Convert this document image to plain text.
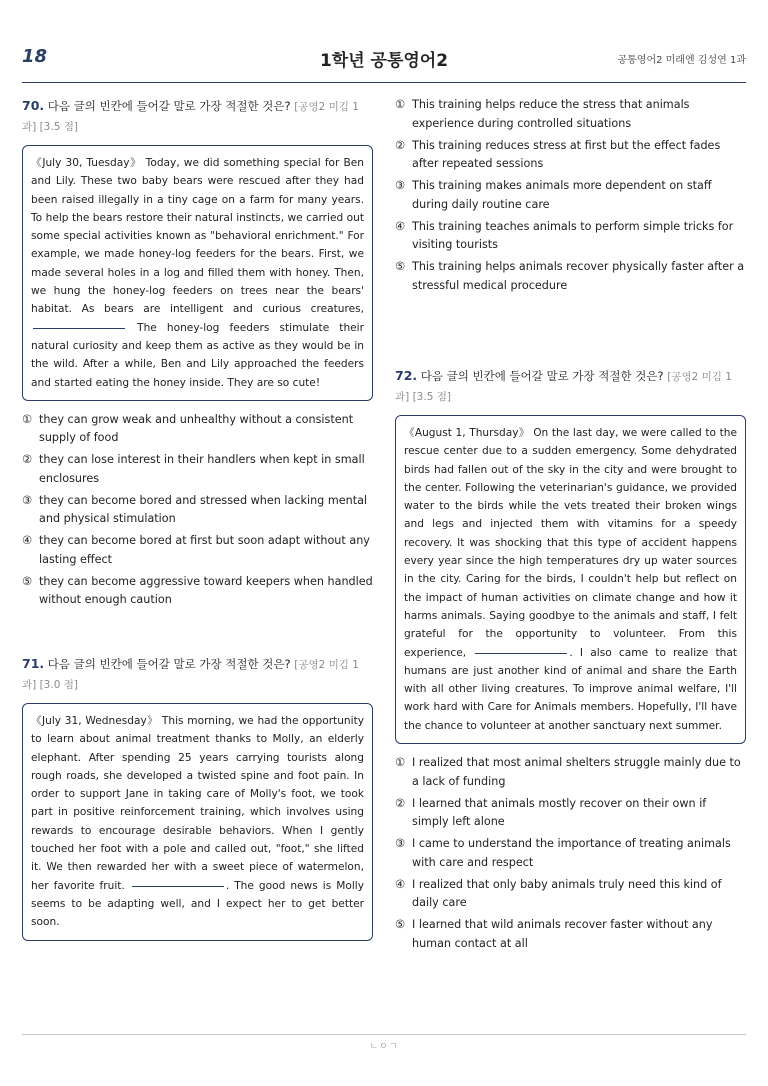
18	1학년 공통영어2	공통영어2 미래엔 김성연 1과

70. 다음 글의 빈칸에 들어갈 말로 가장 적절한 것은? [공영2 미김 1과] [3.5 점]

《July 30, Tuesday》 Today, we did something special for Ben and Lily. These two baby bears were rescued after they had been raised illegally in a tiny cage on a farm for many years. To help the bears restore their natural instincts, we carried out some special activities known as "behavioral enrichment." For example, we made honey-log feeders for the bears. First, we made several holes in a log and filled them with honey. Then, we hung the honey-log feeders on trees near the bears' habitat. As bears are intelligent and curious creatures,  The honey-log feeders stimulate their natural curiosity and keep them as active as they would be in the wild. After a while, Ben and Lily approached the feeders and started eating the honey inside. They are so cute!
① they can grow weak and unhealthy without a consistent supply of food
② they can lose interest in their handlers when kept in small enclosures
③ they can become bored and stressed when lacking mental and physical stimulation
④ they can become bored at first but soon adapt without any lasting effect
⑤ they can become aggressive toward keepers when handled without enough caution

71. 다음 글의 빈칸에 들어갈 말로 가장 적절한 것은? [공영2 미김 1과] [3.0 점]

《July 31, Wednesday》 This morning, we had the opportunity to learn about animal treatment thanks to Molly, an elderly elephant. After spending 25 years carrying tourists along rough roads, she developed a twisted spine and foot pain. In order to support Jane in taking care of Molly's foot, we took part in positive reinforcement training, which involves using rewards to encourage desirable behaviors. When I gently touched her foot with a pole and called out, "foot," she lifted it. We then rewarded her with a sweet piece of watermelon, her favorite fruit.	. The good news is Molly seems to be adapting well, and I expect her to get better soon.
① This training helps reduce the stress that animals experience during controlled situations
② This training reduces stress at first but the effect fades after repeated sessions
③ This training makes animals more dependent on staff during daily routine care
④ This training teaches animals to perform simple tricks for visiting tourists
⑤ This training helps animals recover physically faster after a stressful medical procedure

72. 다음 글의 빈칸에 들어갈 말로 가장 적절한 것은? [공영2 미김 1과] [3.5 점]

《August 1, Thursday》 On the last day, we were called to the rescue center due to a sudden emergency. Some dehydrated birds had fallen out of the sky in the city and were brought to the center. Following the veterinarian's guidance, we provided water to the birds while the vets treated their broken wings and legs and injected them with vitamins for a speedy recovery. It was shocking that this type of accident happens every year since the high temperatures dry up water sources in the city. Caring for the birds, I couldn't help but reflect on the impact of human activities on climate change and how it harms animals. Saying goodbye to the animals and staff, I felt grateful for the opportunity to volunteer. From this experience,	. I also came to realize that humans are just another kind of animal and share the Earth with all other living creatures. To improve animal welfare, I'll work hard with Care for Animals members. Hopefully, I'll have the chance to volunteer at another sanctuary next summer.
① I realized that most animal shelters struggle mainly due to a lack of funding
② I learned that animals mostly recover on their own if simply left alone
③ I came to understand the importance of treating animals with care and respect
④ I realized that only baby animals truly need this kind of daily care
⑤ I learned that wild animals recover faster without any human contact at all
ㄴㅇㄱ
